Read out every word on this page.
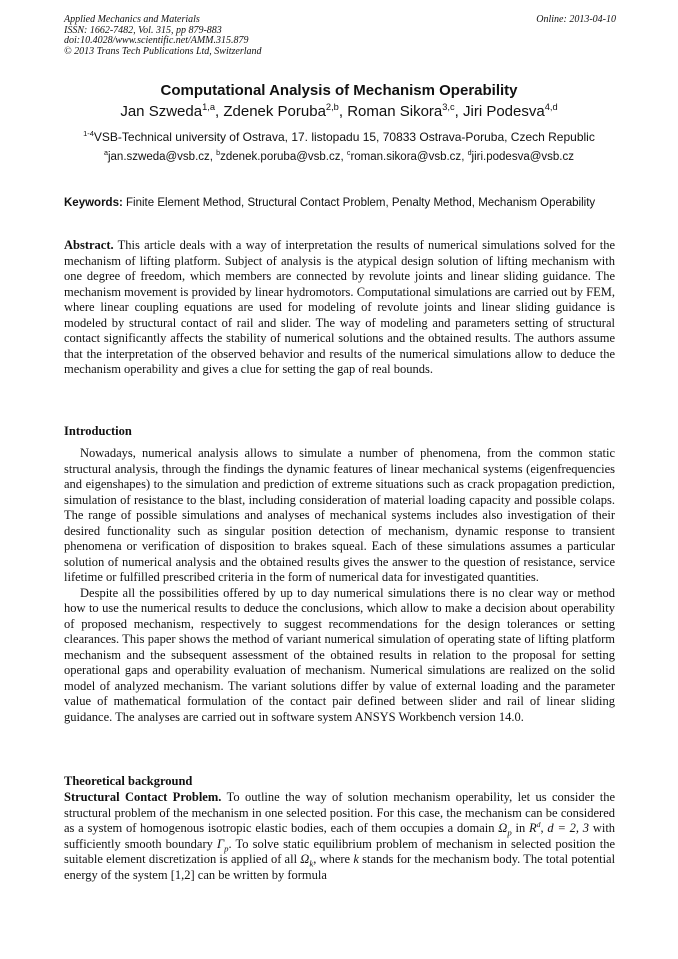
Applied Mechanics and Materials
ISSN: 1662-7482, Vol. 315, pp 879-883
doi:10.4028/www.scientific.net/AMM.315.879
© 2013 Trans Tech Publications Ltd, Switzerland
Online: 2013-04-10
Computational Analysis of Mechanism Operability
Jan Szweda$^{1,a}$, Zdenek Poruba$^{2,b}$, Roman Sikora$^{3,c}$, Jiri Podesva$^{4,d}$
$^{1-4}$VSB-Technical university of Ostrava, 17. listopadu 15, 70833 Ostrava-Poruba, Czech Republic
$^a$jan.szweda@vsb.cz, $^b$zdenek.poruba@vsb.cz, $^c$roman.sikora@vsb.cz, $^d$jiri.podesva@vsb.cz
Keywords: Finite Element Method, Structural Contact Problem, Penalty Method, Mechanism Operability

Abstract. This article deals with a way of interpretation the results of numerical simulations solved for the mechanism of lifting platform. Subject of analysis is the atypical design solution of lifting mechanism with one degree of freedom, which members are connected by revolute joints and linear sliding guidance. The mechanism movement is provided by linear hydromotors. Computational simulations are carried out by FEM, where linear coupling equations are used for modeling of revolute joints and linear sliding guidance is modeled by structural contact of rail and slider. The way of modeling and parameters setting of structural contact significantly affects the stability of numerical solutions and the obtained results. The authors assume that the interpretation of the observed behavior and results of the numerical simulations allow to deduce the mechanism operability and gives a clue for setting the gap of real bounds.

Introduction

Nowadays, numerical analysis allows to simulate a number of phenomena, from the common static structural analysis, through the findings the dynamic features of linear mechanical systems (eigenfrequencies and eigenshapes) to the simulation and prediction of extreme situations such as crack propagation prediction, simulation of resistance to the blast, including consideration of material loading capacity and possible colaps. The range of possible simulations and analyses of mechanical systems includes also investigation of their desired functionality such as singular position detection of mechanism, dynamic response to transient phenomena or verification of disposition to brakes squeal. Each of these simulations assumes a particular solution of numerical analysis and the obtained results gives the answer to the question of resistance, service lifetime or fulfilled prescribed criteria in the form of numerical data for investigated quantities.

Despite all the possibilities offered by up to day numerical simulations there is no clear way or method how to use the numerical results to deduce the conclusions, which allow to make a decision about operability of proposed mechanism, respectively to suggest recommendations for the design tolerances or setting clearances. This paper shows the method of variant numerical simulation of operating state of lifting platform mechanism and the subsequent assessment of the obtained results in relation to the proposal for setting operational gaps and operability evaluation of mechanism. Numerical simulations are realized on the solid model of analyzed mechanism. The variant solutions differ by value of external loading and the parameter value of mathematical formulation of the contact pair defined between slider and rail of linear sliding guidance. The analyses are carried out in software system ANSYS Workbench version 14.0.

Theoretical background

Structural Contact Problem. To outline the way of solution mechanism operability, let us consider the structural problem of the mechanism in one selected position. For this case, the mechanism can be considered as a system of homogenous isotropic elastic bodies, each of them occupies a domain $\Omega_p$ in $R^d$, d = 2, 3 with sufficiently smooth boundary $\Gamma_p$. To solve static equilibrium problem of mechanism in selected position the suitable element discretization is applied of all $\Omega_k$, where k stands for the mechanism body. The total potential energy of the system [1,2] can be written by formula
